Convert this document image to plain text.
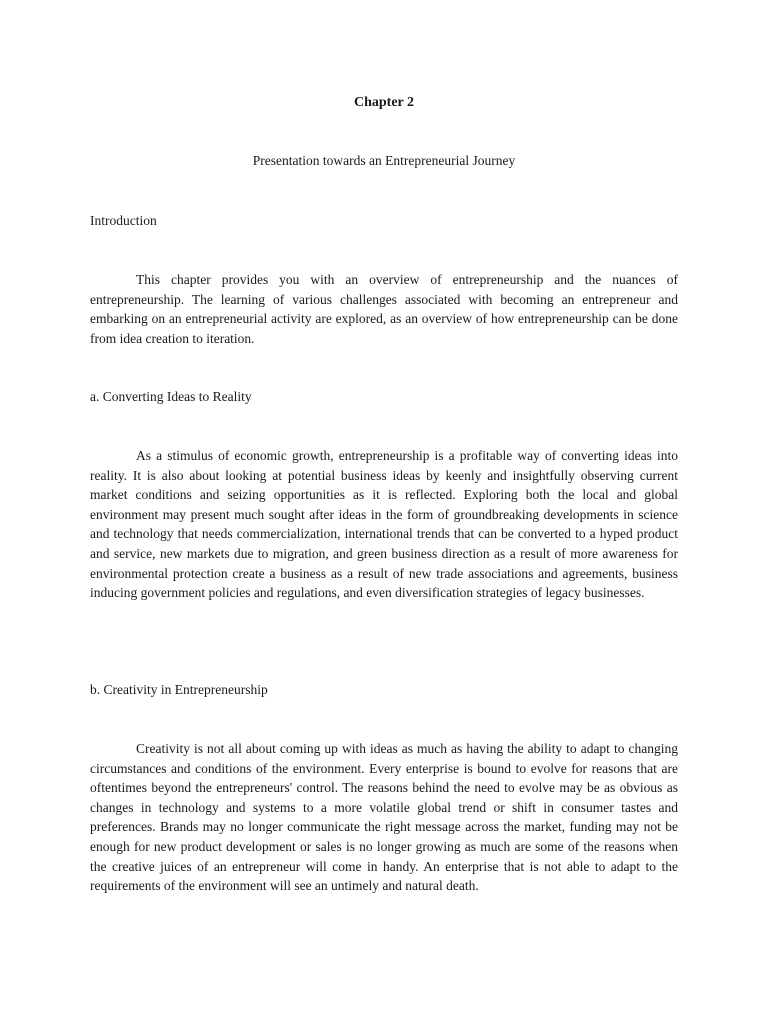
Chapter 2
Presentation towards an Entrepreneurial Journey
Introduction

This chapter provides you with an overview of entrepreneurship and the nuances of entrepreneurship. The learning of various challenges associated with becoming an entrepreneur and embarking on an entrepreneurial activity are explored, as an overview of how entrepreneurship can be done from idea creation to iteration.

a. Converting Ideas to Reality

As a stimulus of economic growth, entrepreneurship is a profitable way of converting ideas into reality. It is also about looking at potential business ideas by keenly and insightfully observing current market conditions and seizing opportunities as it is reflected. Exploring both the local and global environment may present much sought after ideas in the form of groundbreaking developments in science and technology that needs commercialization, international trends that can be converted to a hyped product and service, new markets due to migration, and green business direction as a result of more awareness for environmental protection create a business as a result of new trade associations and agreements, business inducing government policies and regulations, and even diversification strategies of legacy businesses.

b. Creativity in Entrepreneurship

Creativity is not all about coming up with ideas as much as having the ability to adapt to changing circumstances and conditions of the environment. Every enterprise is bound to evolve for reasons that are oftentimes beyond the entrepreneurs' control. The reasons behind the need to evolve may be as obvious as changes in technology and systems to a more volatile global trend or shift in consumer tastes and preferences. Brands may no longer communicate the right message across the market, funding may not be enough for new product development or sales is no longer growing as much are some of the reasons when the creative juices of an entrepreneur will come in handy. An enterprise that is not able to adapt to the requirements of the environment will see an untimely and natural death.
